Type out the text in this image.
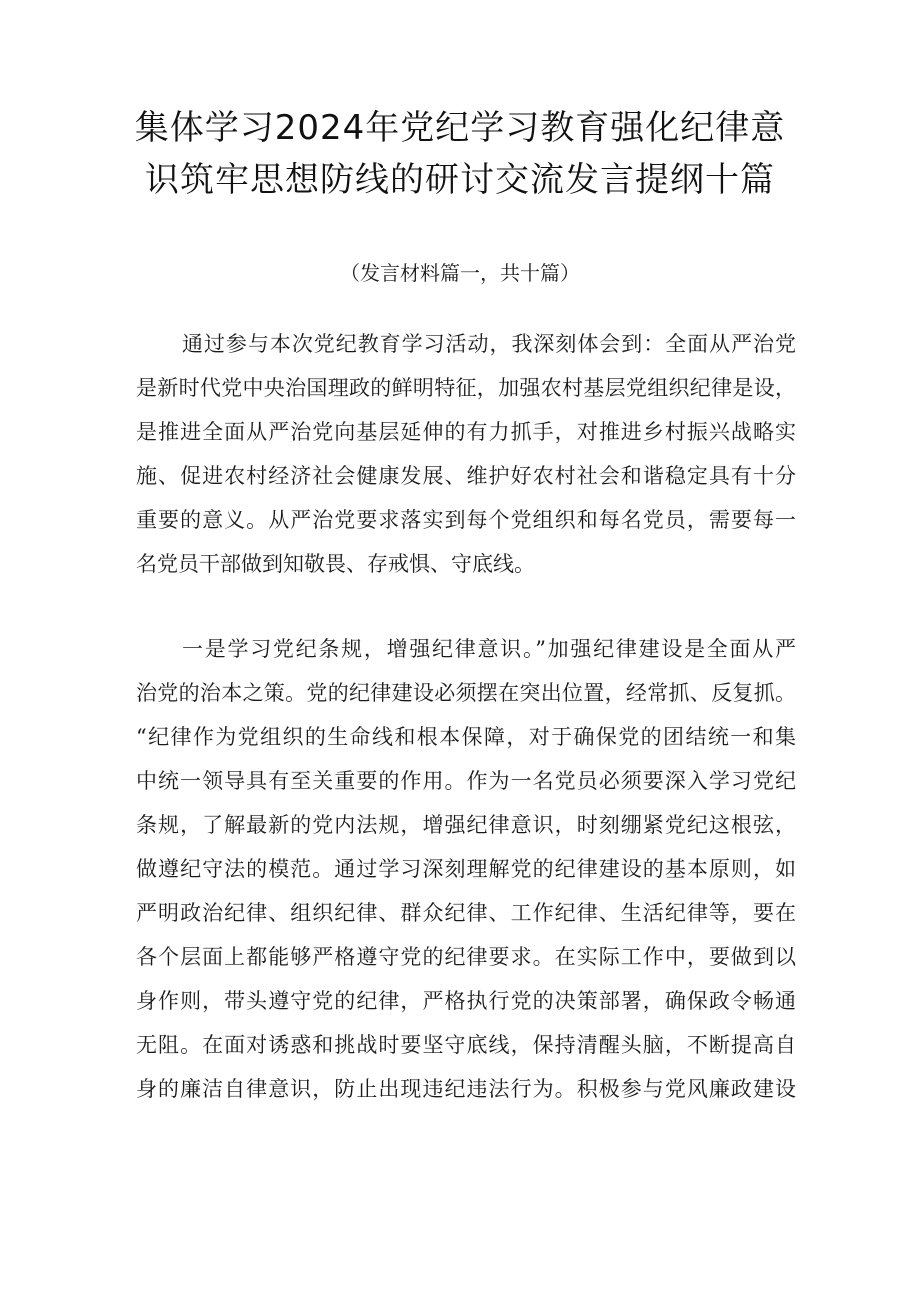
集体学习2024年党纪学习教育强化纪律意
识筑牢思想防线的研讨交流发言提纲十篇
（发言材料篇一，共十篇）
通过参与本次党纪教育学习活动，我深刻体会到：全面从严治党
是新时代党中央治国理政的鲜明特征，加强农村基层党组织纪律是设，
是推进全面从严治党向基层延伸的有力抓手，对推进乡村振兴战略实
施、促进农村经济社会健康发展、维护好农村社会和谐稳定具有十分
重要的意义。从严治党要求落实到每个党组织和每名党员，需要每一
名党员干部做到知敬畏、存戒惧、守底线。
一是学习党纪条规，增强纪律意识。”加强纪律建设是全面从严
治党的治本之策。党的纪律建设必须摆在突出位置，经常抓、反复抓。
“纪律作为党组织的生命线和根本保障，对于确保党的团结统一和集
中统一领导具有至关重要的作用。作为一名党员必须要深入学习党纪
条规，了解最新的党内法规，增强纪律意识，时刻绷紧党纪这根弦，
做遵纪守法的模范。通过学习深刻理解党的纪律建设的基本原则，如
严明政治纪律、组织纪律、群众纪律、工作纪律、生活纪律等，要在
各个层面上都能够严格遵守党的纪律要求。在实际工作中，要做到以
身作则，带头遵守党的纪律，严格执行党的决策部署，确保政令畅通
无阻。在面对诱惑和挑战时要坚守底线，保持清醒头脑，不断提高自
身的廉洁自律意识，防止出现违纪违法行为。积极参与党风廉政建设
